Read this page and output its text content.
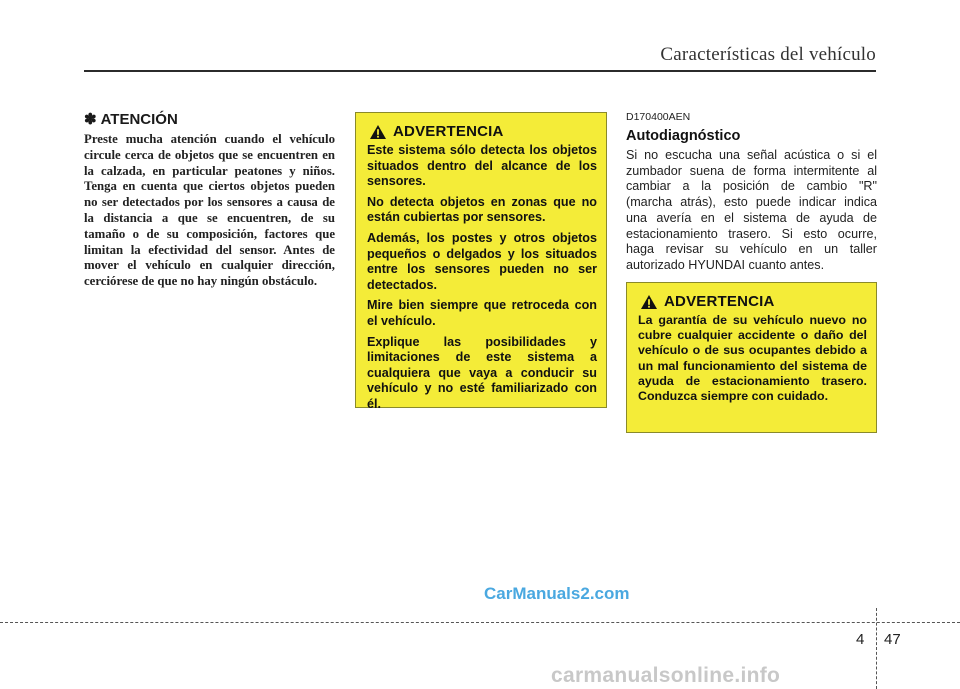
Características del vehículo
✽ ATENCIÓN
Preste mucha atención cuando el vehículo circule cerca de objetos que se encuentren en la calzada, en particular peatones y niños. Tenga en cuenta que ciertos objetos pueden no ser detectados por los sensores a causa de la distancia a que se encuentren, de su tamaño o de su composición, factores que limitan la efectividad del sensor. Antes de mover el vehículo en cualquier dirección, cerciórese de que no hay ningún obstáculo.
ADVERTENCIA

Este sistema sólo detecta los objetos situados dentro del alcance de los sensores.

No detecta objetos en zonas que no están cubiertas por sensores.

Además, los postes y otros objetos pequeños o delgados y los situados entre los sensores pueden no ser detectados.

Mire bien siempre que retroceda con el vehículo.

Explique las posibilidades y limitaciones de este sistema a cualquiera que vaya a conducir su vehículo y no esté familiarizado con él.

D170400AEN
Autodiagnóstico
Si no escucha una señal acústica o si el zumbador suena de forma intermitente al cambiar a la posición de cambio "R" (marcha atrás), esto puede indicar indica una avería en el sistema de ayuda de estacionamiento trasero. Si esto ocurre, haga revisar su vehículo en un taller autorizado HYUNDAI cuanto antes.
ADVERTENCIA

La garantía de su vehículo nuevo no cubre cualquier accidente o daño del vehículo o de sus ocupantes debido a un mal funcionamiento del sistema de ayuda de estacionamiento trasero. Conduzca siempre con cuidado.

CarManuals2.com
4 47
carmanualsonline.info
